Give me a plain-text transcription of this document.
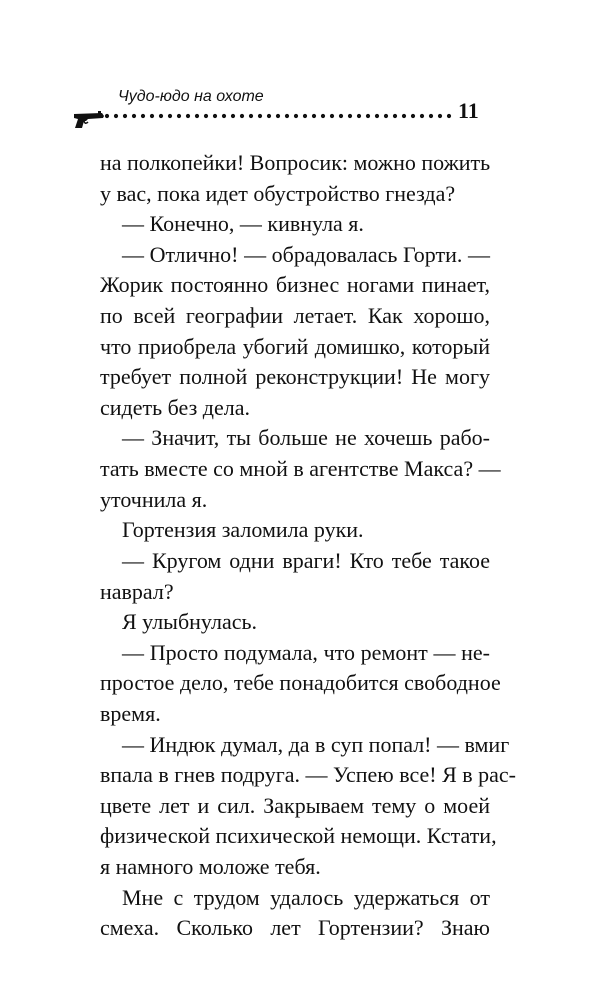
Чудо-юдо на охоте
11
на полкопейки! Вопросик: можно пожить
у вас, пока идет обустройство гнезда?
— Конечно, — кивнула я.
— Отлично! — обрадовалась Горти. —
Жорик постоянно бизнес ногами пинает,
по всей географии летает. Как хорошо,
что приобрела убогий домишко, который
требует полной реконструкции! Не могу
сидеть без дела.
— Значит, ты больше не хочешь рабо-
тать вместе со мной в агентстве Макса? —
уточнила я.
Гортензия заломила руки.
— Кругом одни враги! Кто тебе такое
наврал?
Я улыбнулась.
— Просто подумала, что ремонт — не-
простое дело, тебе понадобится свободное
время.
— Индюк думал, да в суп попал! — вмиг
впала в гнев подруга. — Успею все! Я в рас-
цвете лет и сил. Закрываем тему о моей
физической психической немощи. Кстати,
я намного моложе тебя.
Мне с трудом удалось удержаться от
смеха. Сколько лет Гортензии? Знаю
